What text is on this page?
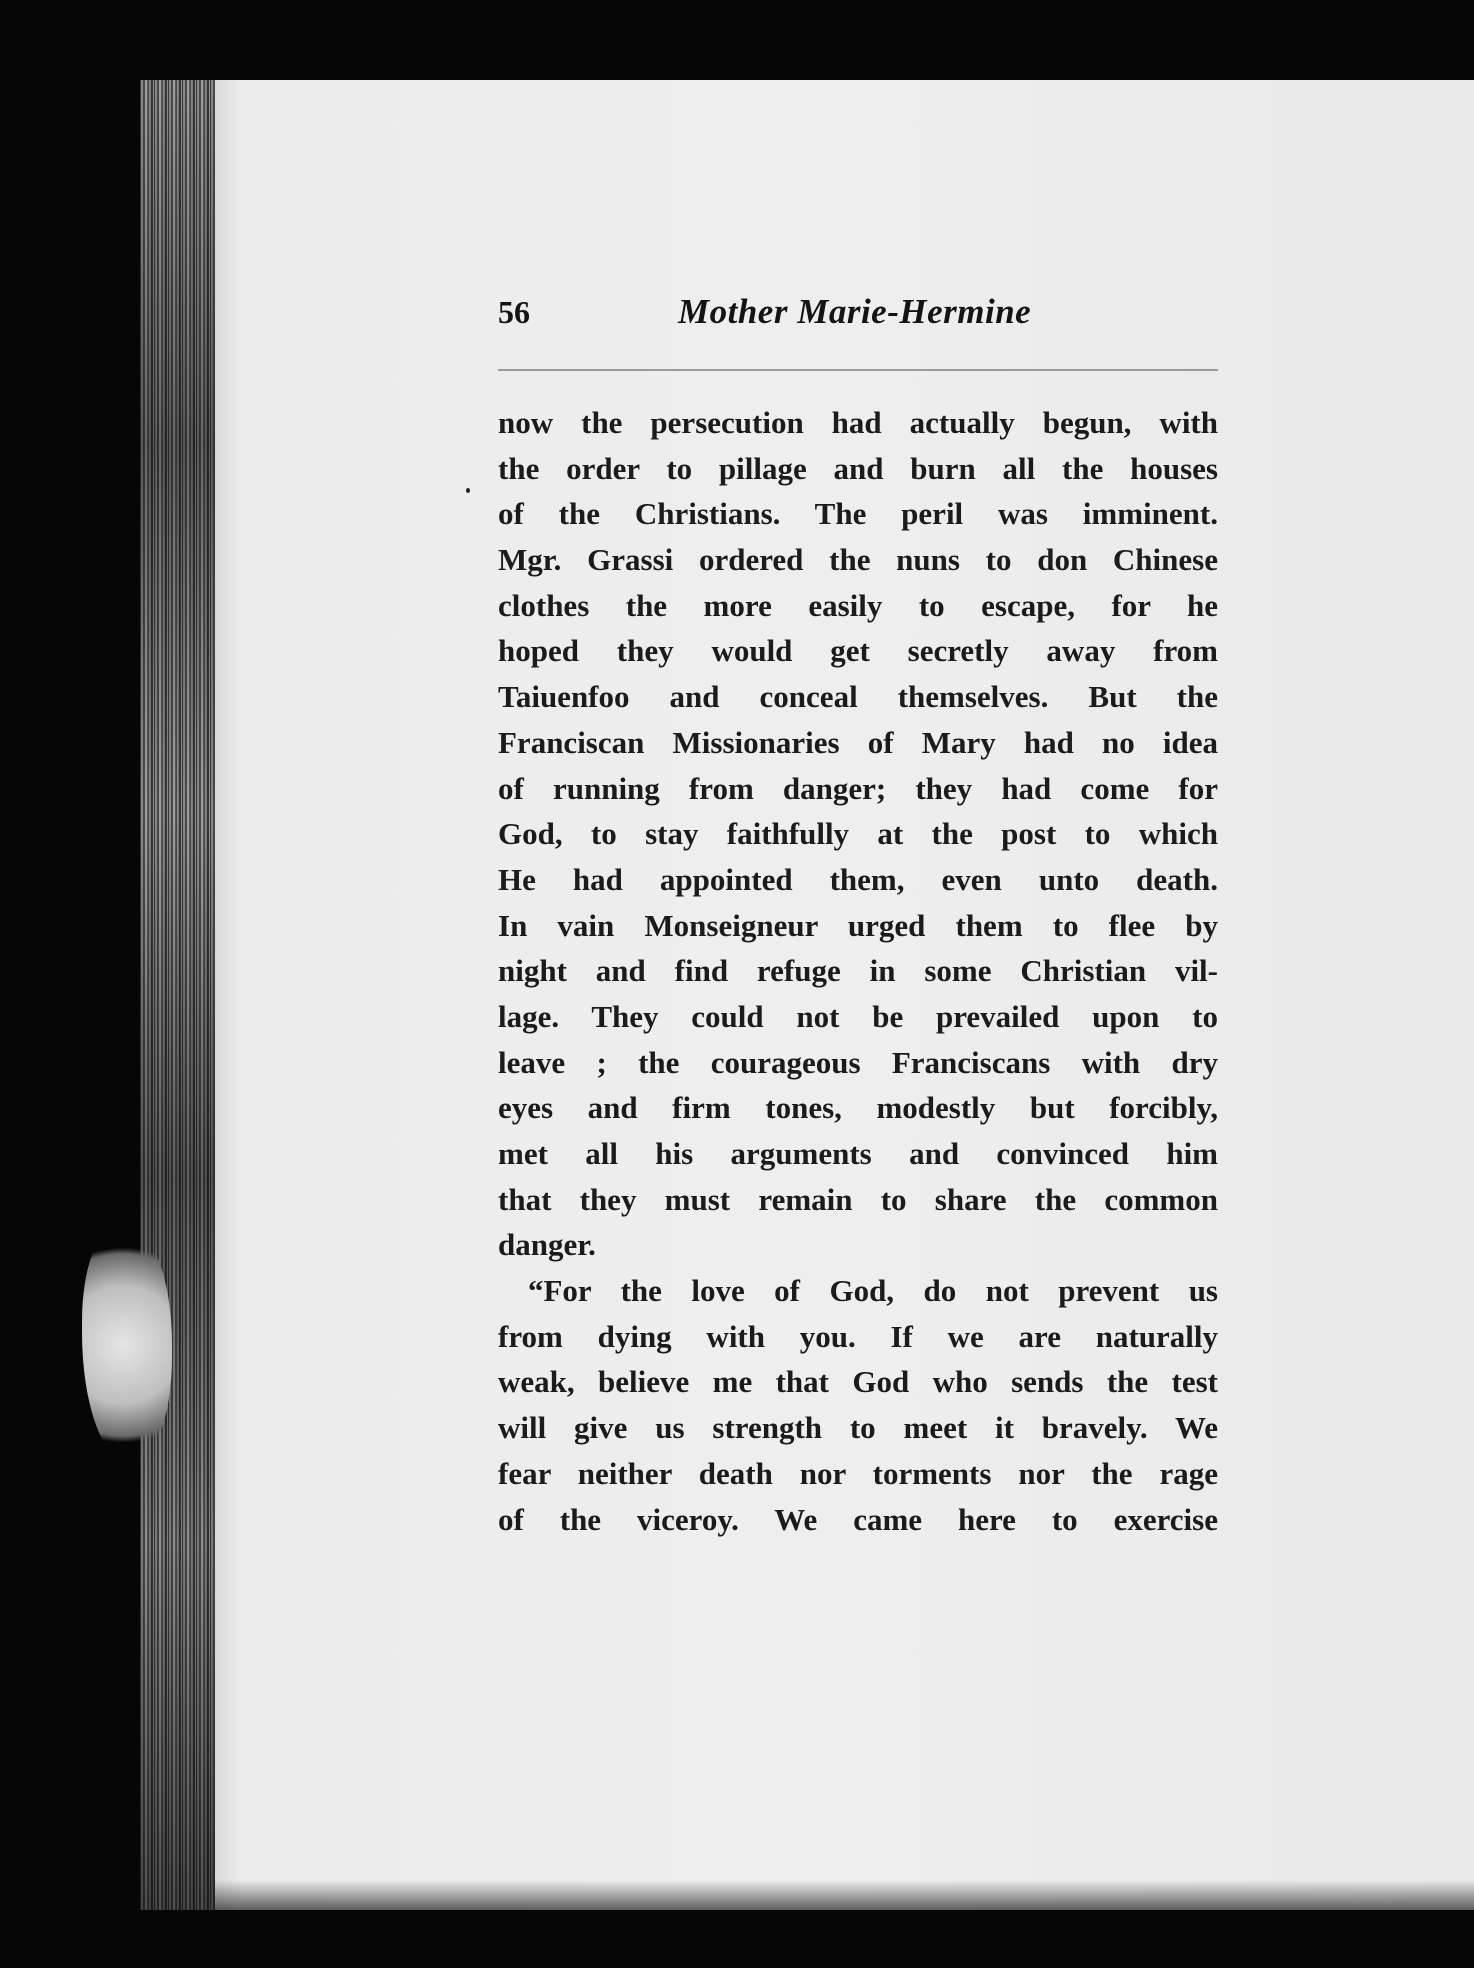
56	Mother Marie-Hermine
now the persecution had actually begun, with
the order to pillage and burn all the houses
of the Christians. The peril was imminent.
Mgr. Grassi ordered the nuns to don Chinese
clothes the more easily to escape, for he
hoped they would get secretly away from
Taiuenfoo and conceal themselves. But the
Franciscan Missionaries of Mary had no idea
of running from danger; they had come for
God, to stay faithfully at the post to which
He had appointed them, even unto death.
In vain Monseigneur urged them to flee by
night and find refuge in some Christian vil-
lage. They could not be prevailed upon to
leave ; the courageous Franciscans with dry
eyes and firm tones, modestly but forcibly,
met all his arguments and convinced him
that they must remain to share the common
danger.
“For the love of God, do not prevent us
from dying with you. If we are naturally
weak, believe me that God who sends the test
will give us strength to meet it bravely. We
fear neither death nor torments nor the rage
of the viceroy. We came here to exercise
